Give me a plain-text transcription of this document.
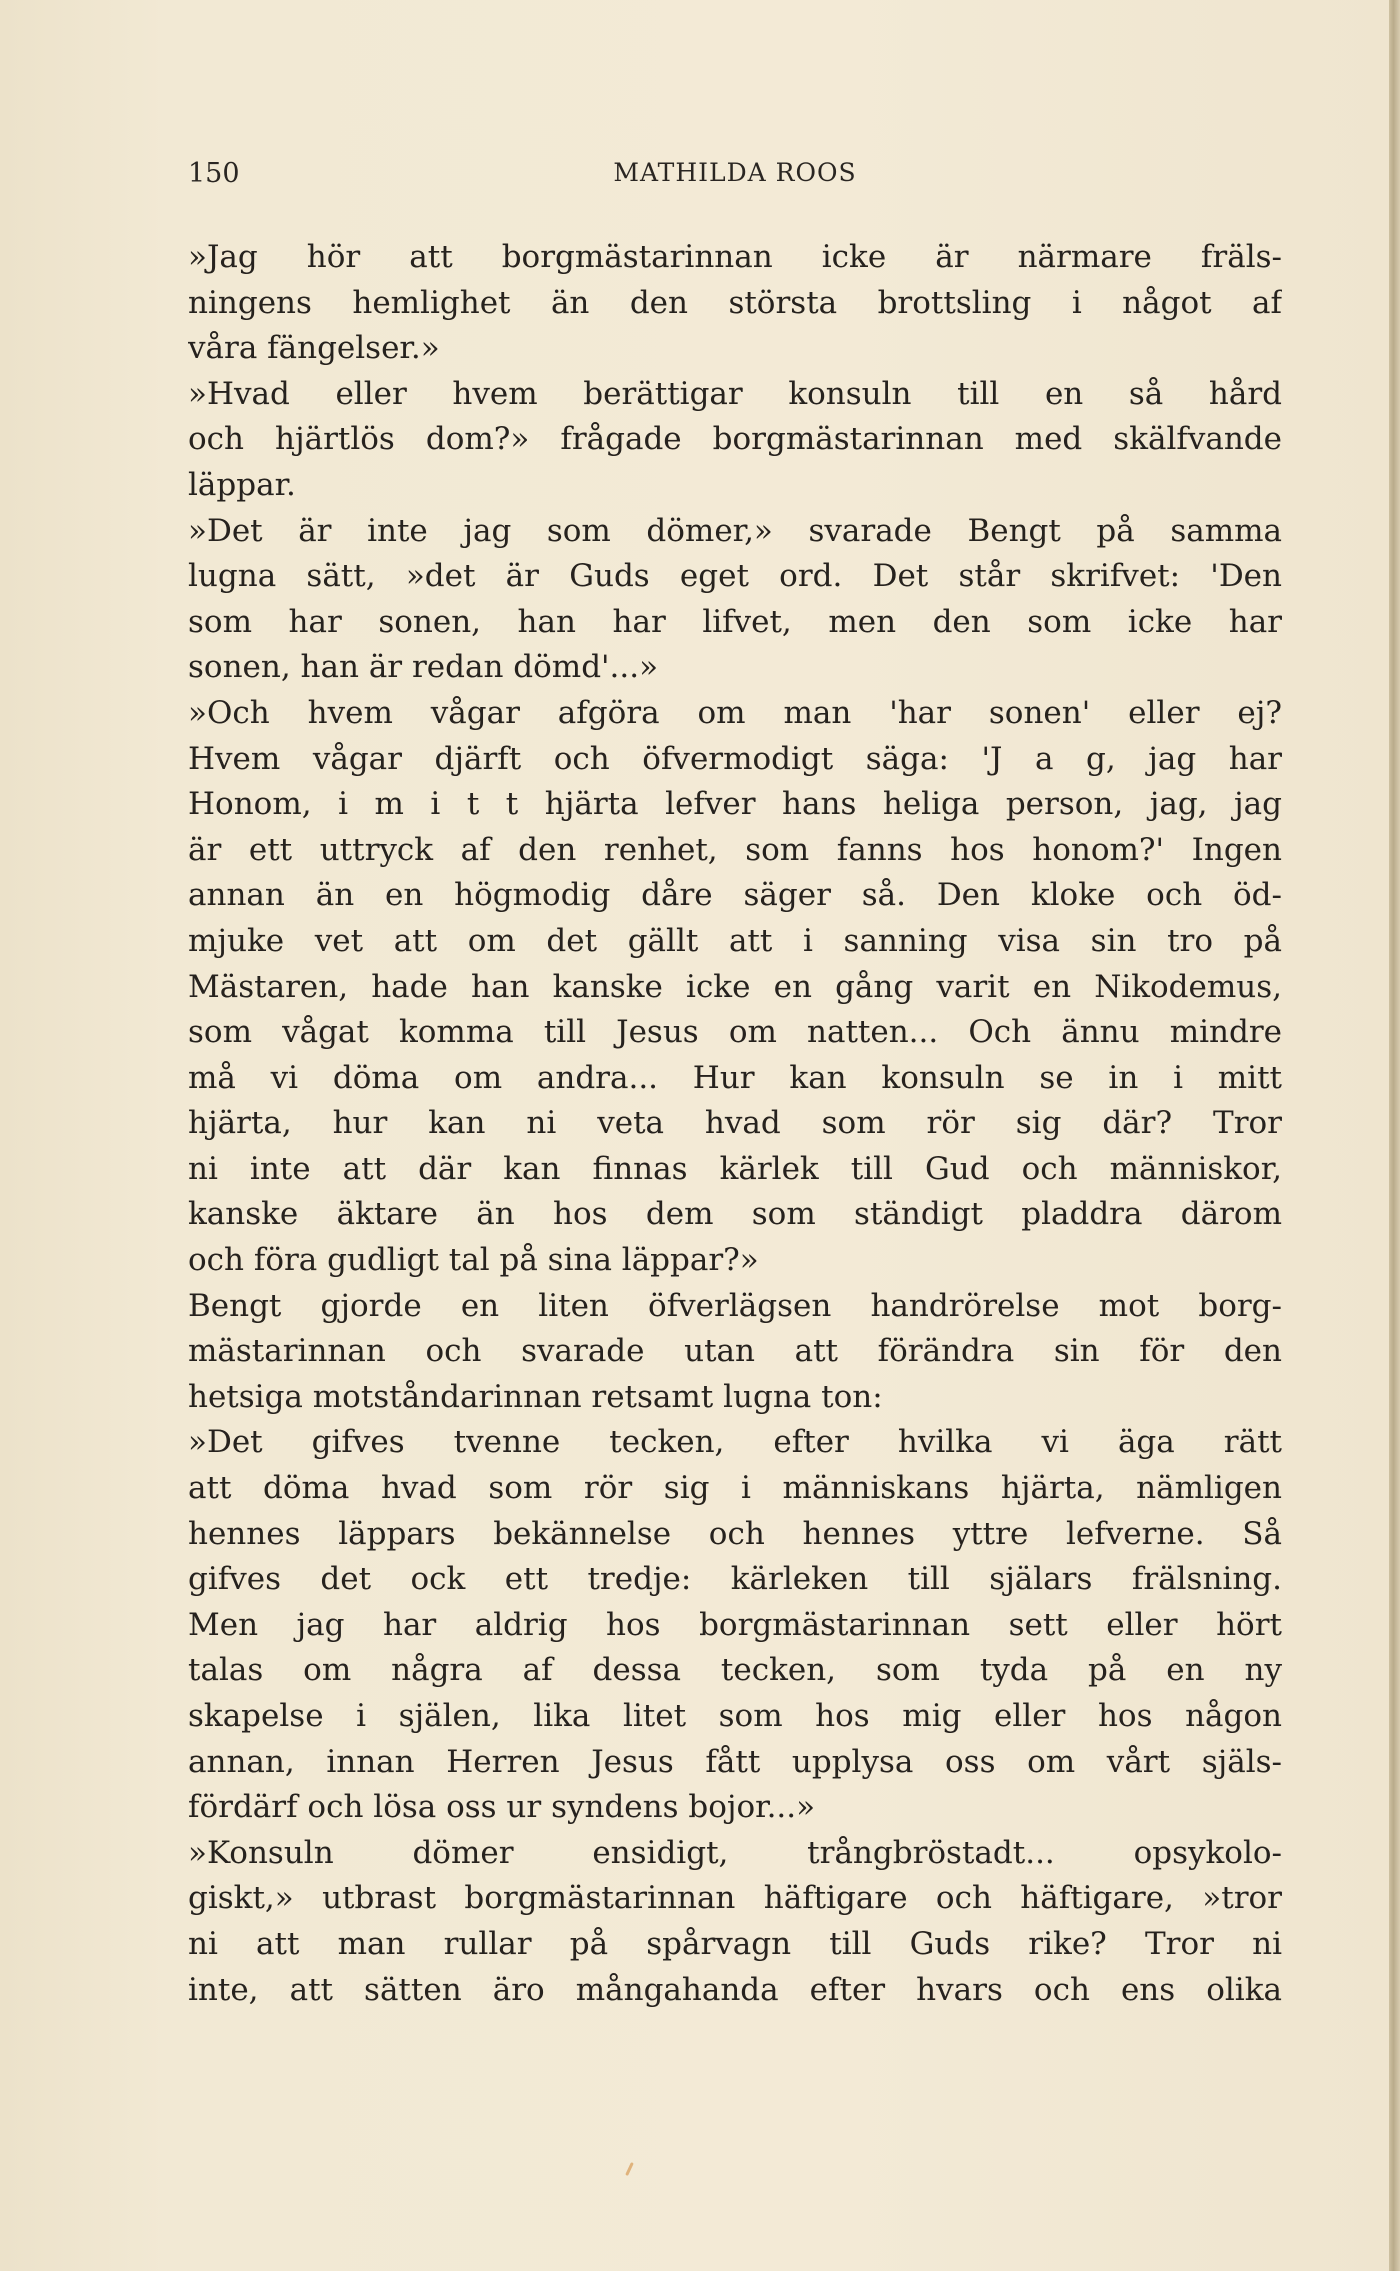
150	MATHILDA ROOS
»Jag hör att borgmästarinnan icke är närmare fräls-
ningens hemlighet än den största brottsling i något af
våra fängelser.»
»Hvad eller hvem berättigar konsuln till en så hård
och hjärtlös dom?» frågade borgmästarinnan med skälfvande
läppar.
»Det är inte jag som dömer,» svarade Bengt på samma
lugna sätt, »det är Guds eget ord. Det står skrifvet: 'Den
som har sonen, han har lifvet, men den som icke har
sonen, han är redan dömd'...»
»Och hvem vågar afgöra om man 'har sonen' eller ej?
Hvem vågar djärft och öfvermodigt säga: 'J a g, jag har
Honom, i m i t t hjärta lefver hans heliga person, jag, jag
är ett uttryck af den renhet, som fanns hos honom?' Ingen
annan än en högmodig dåre säger så. Den kloke och öd-
mjuke vet att om det gällt att i sanning visa sin tro på
Mästaren, hade han kanske icke en gång varit en Nikodemus,
som vågat komma till Jesus om natten... Och ännu mindre
må vi döma om andra... Hur kan konsuln se in i mitt
hjärta, hur kan ni veta hvad som rör sig där? Tror
ni inte att där kan finnas kärlek till Gud och människor,
kanske äktare än hos dem som ständigt pladdra därom
och föra gudligt tal på sina läppar?»
Bengt gjorde en liten öfverlägsen handrörelse mot borg-
mästarinnan och svarade utan att förändra sin för den
hetsiga motståndarinnan retsamt lugna ton:
»Det gifves tvenne tecken, efter hvilka vi äga rätt
att döma hvad som rör sig i människans hjärta, nämligen
hennes läppars bekännelse och hennes yttre lefverne. Så
gifves det ock ett tredje: kärleken till själars frälsning.
Men jag har aldrig hos borgmästarinnan sett eller hört
talas om några af dessa tecken, som tyda på en ny
skapelse i själen, lika litet som hos mig eller hos någon
annan, innan Herren Jesus fått upplysa oss om vårt själs-
fördärf och lösa oss ur syndens bojor...»
»Konsuln dömer ensidigt, trångbröstadt... opsykolo-
giskt,» utbrast borgmästarinnan häftigare och häftigare, »tror
ni att man rullar på spårvagn till Guds rike? Tror ni
inte, att sätten äro mångahanda efter hvars och ens olika
